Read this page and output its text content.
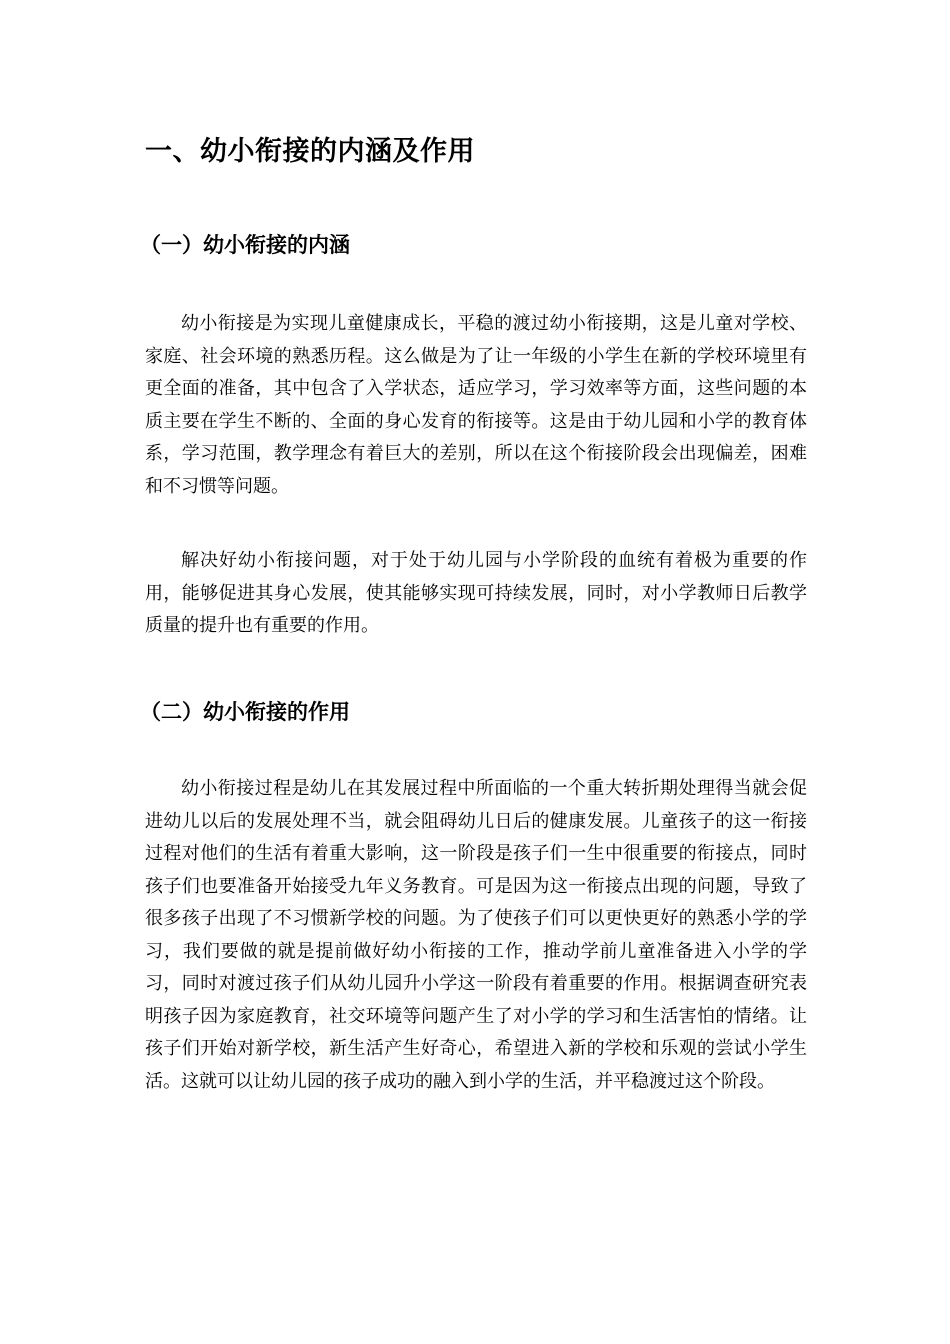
一、幼小衔接的内涵及作用
（一）幼小衔接的内涵

幼小衔接是为实现儿童健康成长，平稳的渡过幼小衔接期，这是儿童对学校、家庭、社会环境的熟悉历程。这么做是为了让一年级的小学生在新的学校环境里有更全面的准备，其中包含了入学状态，适应学习，学习效率等方面，这些问题的本质主要在学生不断的、全面的身心发育的衔接等。这是由于幼儿园和小学的教育体系，学习范围，教学理念有着巨大的差别，所以在这个衔接阶段会出现偏差，困难和不习惯等问题。

解决好幼小衔接问题，对于处于幼儿园与小学阶段的血统有着极为重要的作用，能够促进其身心发展，使其能够实现可持续发展，同时，对小学教师日后教学质量的提升也有重要的作用。

（二）幼小衔接的作用

幼小衔接过程是幼儿在其发展过程中所面临的一个重大转折期处理得当就会促进幼儿以后的发展处理不当，就会阻碍幼儿日后的健康发展。儿童孩子的这一衔接过程对他们的生活有着重大影响，这一阶段是孩子们一生中很重要的衔接点，同时孩子们也要准备开始接受九年义务教育。可是因为这一衔接点出现的问题，导致了很多孩子出现了不习惯新学校的问题。为了使孩子们可以更快更好的熟悉小学的学习，我们要做的就是提前做好幼小衔接的工作，推动学前儿童准备进入小学的学习，同时对渡过孩子们从幼儿园升小学这一阶段有着重要的作用。根据调查研究表明孩子因为家庭教育，社交环境等问题产生了对小学的学习和生活害怕的情绪。让孩子们开始对新学校，新生活产生好奇心，希望进入新的学校和乐观的尝试小学生活。这就可以让幼儿园的孩子成功的融入到小学的生活，并平稳渡过这个阶段。
